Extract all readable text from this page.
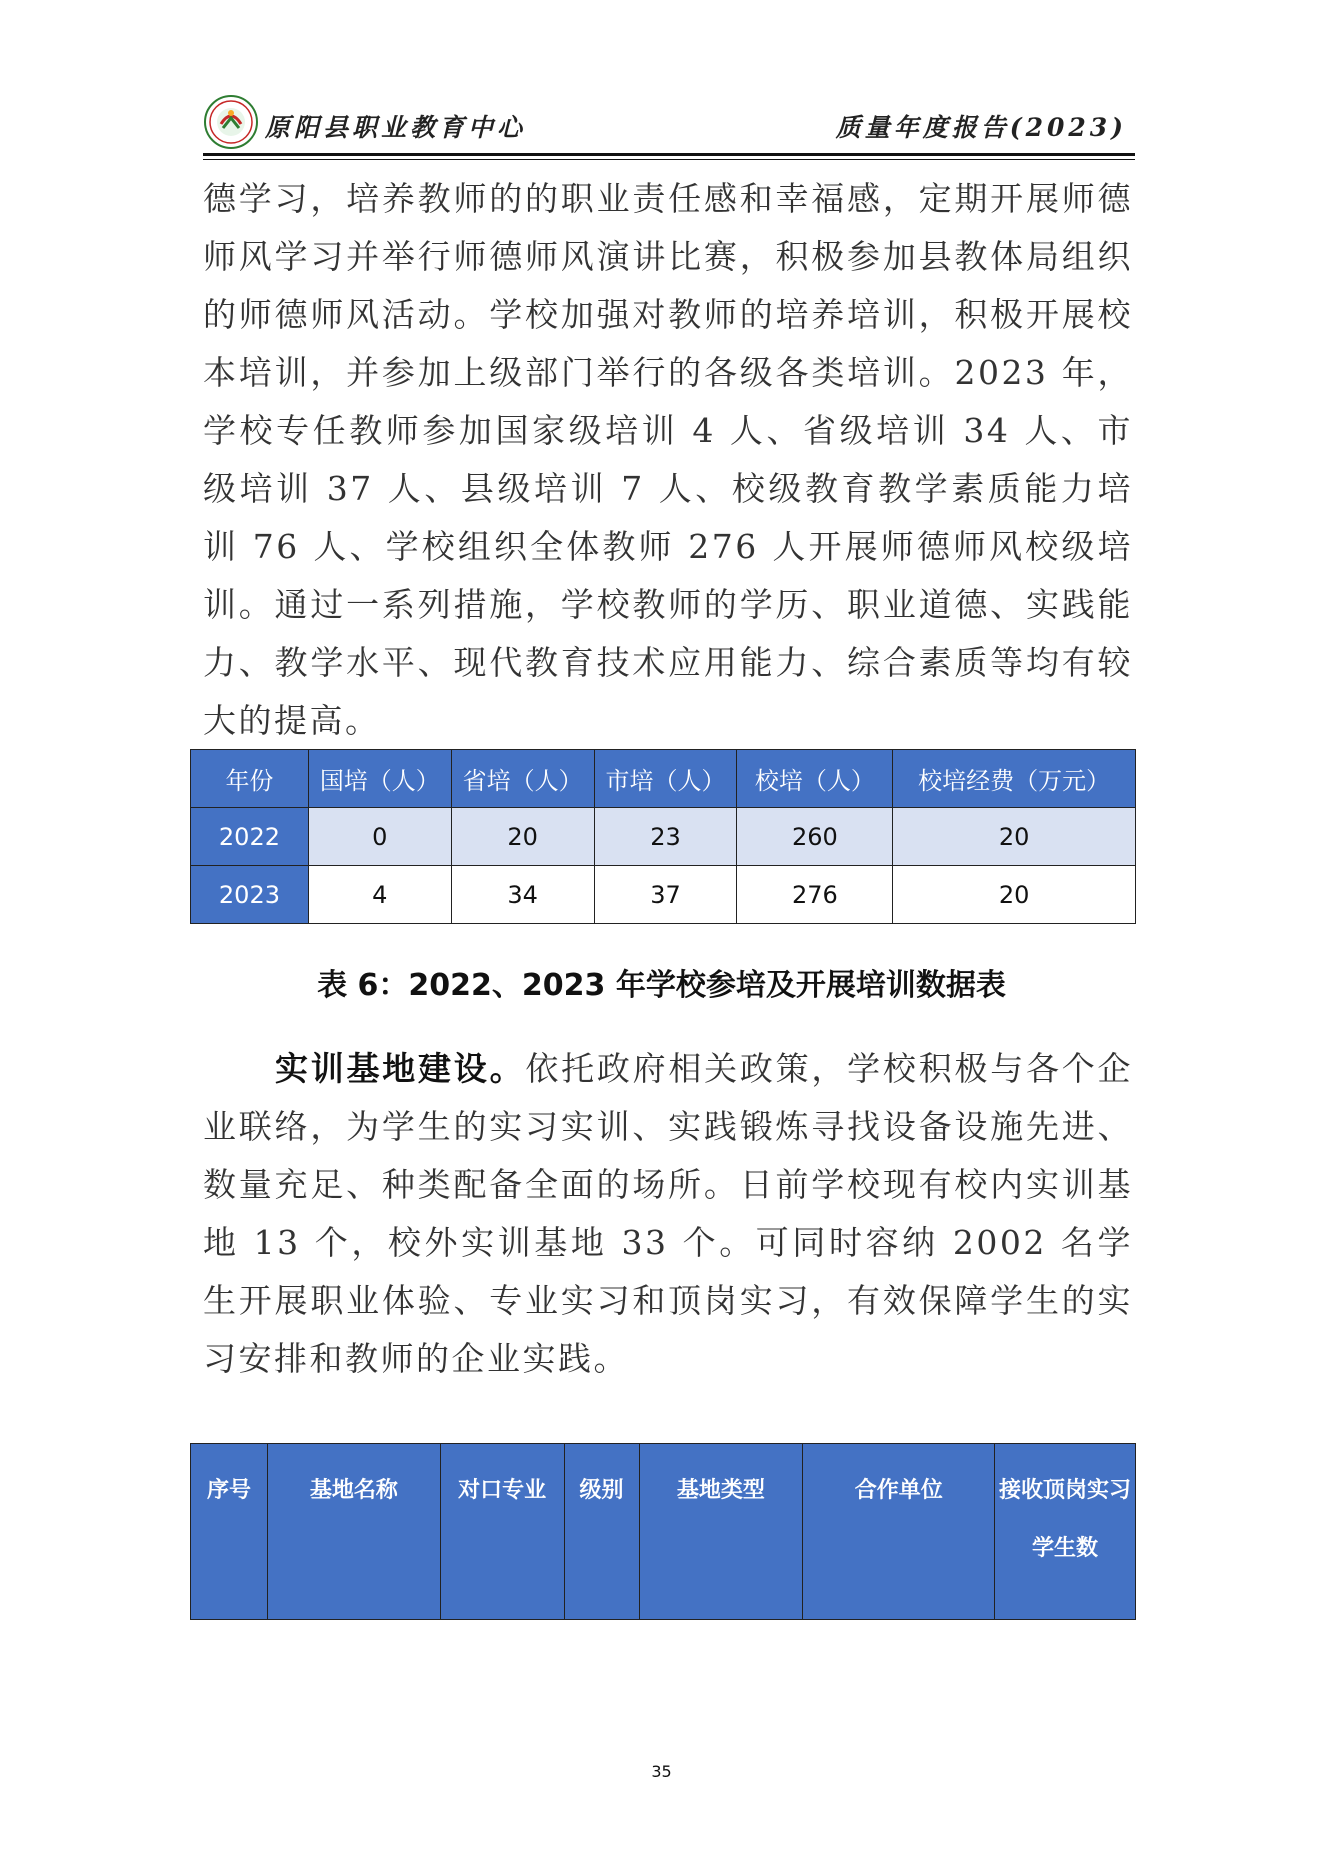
原阳县职业教育中心	质量年度报告(2023)

德学习，培养教师的的职业责任感和幸福感，定期开展师德师风学习并举行师德师风演讲比赛，积极参加县教体局组织的师德师风活动。学校加强对教师的培养培训，积极开展校本培训，并参加上级部门举行的各级各类培训。2023 年，学校专任教师参加国家级培训 4 人、省级培训 34 人、市级培训 37 人、县级培训 7 人、校级教育教学素质能力培训 76 人、学校组织全体教师 276 人开展师德师风校级培训。通过一系列措施，学校教师的学历、职业道德、实践能力、教学水平、现代教育技术应用能力、综合素质等均有较大的提高。

年份	国培（人）	省培（人）	市培（人）	校培（人）	校培经费（万元）
2022	0	20	23	260	20
2023	4	34	37	276	20
表 6：2022、2023 年学校参培及开展培训数据表

实训基地建设。依托政府相关政策，学校积极与各个企业联络，为学生的实习实训、实践锻炼寻找设备设施先进、数量充足、种类配备全面的场所。日前学校现有校内实训基地 13 个，校外实训基地 33 个。可同时容纳 2002 名学生开展职业体验、专业实习和顶岗实习，有效保障学生的实习安排和教师的企业实践。

序号	基地名称	对口专业	级别	基地类型	合作单位	接收顶岗实习学生数
35
